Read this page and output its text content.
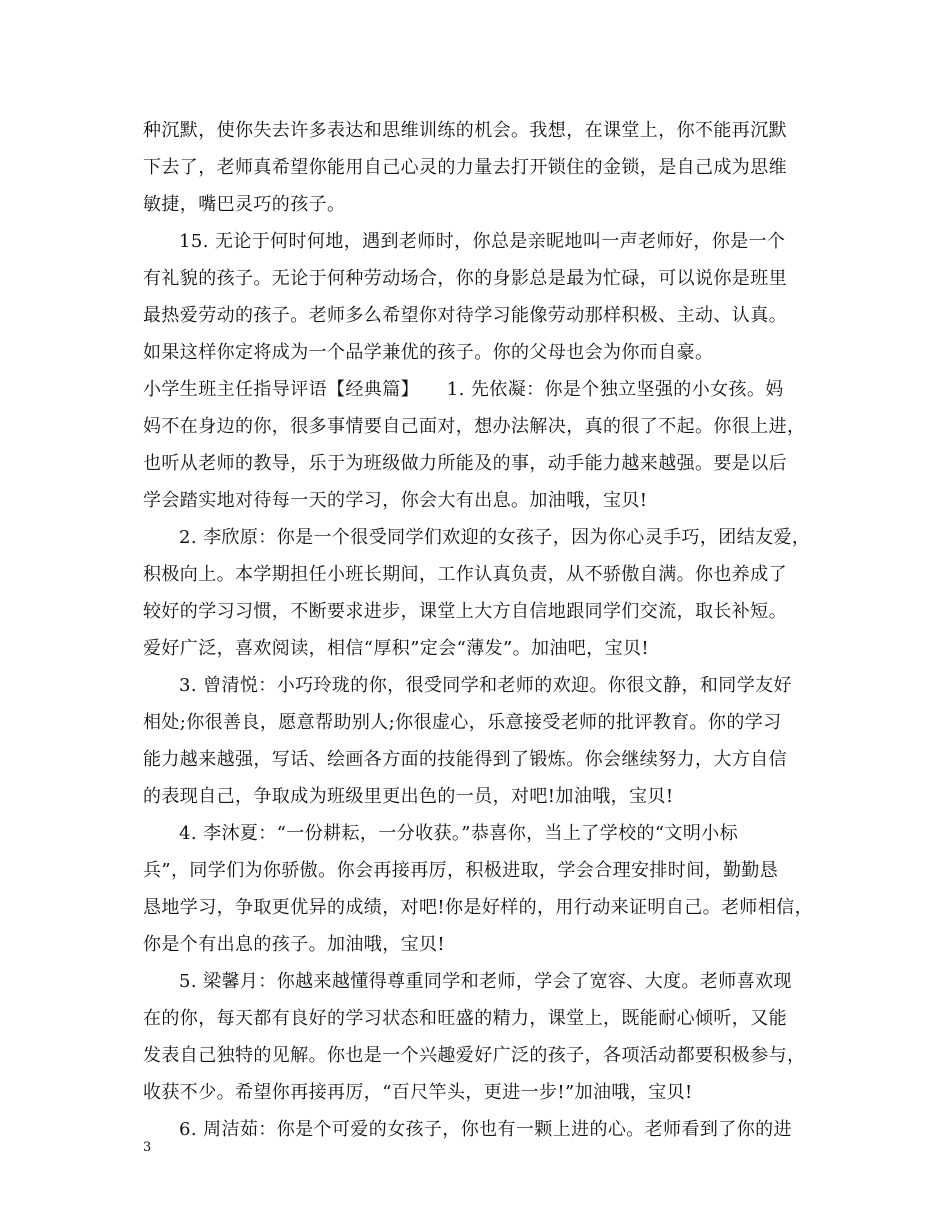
种沉默，使你失去许多表达和思维训练的机会。我想，在课堂上，你不能再沉默
下去了，老师真希望你能用自己心灵的力量去打开锁住的金锁，是自己成为思维
敏捷，嘴巴灵巧的孩子。
15. 无论于何时何地，遇到老师时，你总是亲昵地叫一声老师好，你是一个
有礼貌的孩子。无论于何种劳动场合，你的身影总是最为忙碌，可以说你是班里
最热爱劳动的孩子。老师多么希望你对待学习能像劳动那样积极、主动、认真。
如果这样你定将成为一个品学兼优的孩子。你的父母也会为你而自豪。
小学生班主任指导评语【经典篇】　　1. 先依凝：你是个独立坚强的小女孩。妈
妈不在身边的你，很多事情要自己面对，想办法解决，真的很了不起。你很上进，
也听从老师的教导，乐于为班级做力所能及的事，动手能力越来越强。要是以后
学会踏实地对待每一天的学习，你会大有出息。加油哦，宝贝!
2. 李欣原：你是一个很受同学们欢迎的女孩子，因为你心灵手巧，团结友爱，
积极向上。本学期担任小班长期间，工作认真负责，从不骄傲自满。你也养成了
较好的学习习惯，不断要求进步，课堂上大方自信地跟同学们交流，取长补短。
爱好广泛，喜欢阅读，相信“厚积”定会“薄发”。加油吧，宝贝!
3. 曾清悦：小巧玲珑的你，很受同学和老师的欢迎。你很文静，和同学友好
相处;你很善良，愿意帮助别人;你很虚心，乐意接受老师的批评教育。你的学习
能力越来越强，写话、绘画各方面的技能得到了锻炼。你会继续努力，大方自信
的表现自己，争取成为班级里更出色的一员，对吧!加油哦，宝贝!
4. 李沐夏：“一份耕耘，一分收获。”恭喜你，当上了学校的“文明小标
兵”，同学们为你骄傲。你会再接再厉，积极进取，学会合理安排时间，勤勤恳
恳地学习，争取更优异的成绩，对吧!你是好样的，用行动来证明自己。老师相信，
你是个有出息的孩子。加油哦，宝贝!
5. 梁馨月：你越来越懂得尊重同学和老师，学会了宽容、大度。老师喜欢现
在的你，每天都有良好的学习状态和旺盛的精力，课堂上，既能耐心倾听，又能
发表自己独特的见解。你也是一个兴趣爱好广泛的孩子，各项活动都要积极参与，
收获不少。希望你再接再厉，“百尺竿头，更进一步!”加油哦，宝贝!
6. 周洁茹：你是个可爱的女孩子，你也有一颗上进的心。老师看到了你的进
3
